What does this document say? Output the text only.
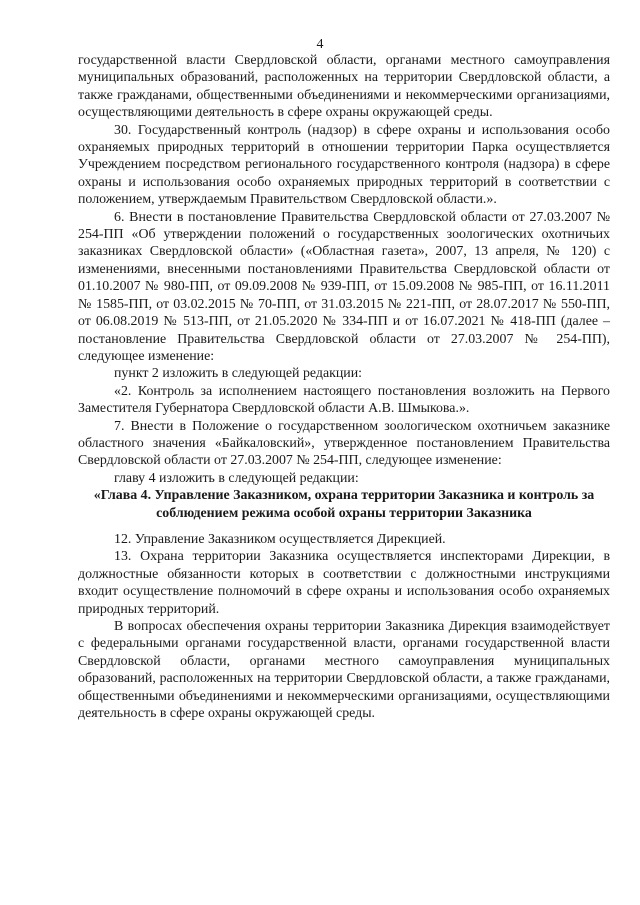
4

государственной власти Свердловской области, органами местного самоуправления муниципальных образований, расположенных на территории Свердловской области, а также гражданами, общественными объединениями и некоммерческими организациями, осуществляющими деятельность в сфере охраны окружающей среды.

30. Государственный контроль (надзор) в сфере охраны и использования особо охраняемых природных территорий в отношении территории Парка осуществляется Учреждением посредством регионального государственного контроля (надзора) в сфере охраны и использования особо охраняемых природных территорий в соответствии с положением, утверждаемым Правительством Свердловской области.».

6. Внести в постановление Правительства Свердловской области от 27.03.2007 № 254-ПП «Об утверждении положений о государственных зоологических охотничьих заказниках Свердловской области» («Областная газета», 2007, 13 апреля, № 120) с изменениями, внесенными постановлениями Правительства Свердловской области от 01.10.2007 № 980-ПП, от 09.09.2008 № 939-ПП, от 15.09.2008 № 985-ПП, от 16.11.2011 № 1585-ПП, от 03.02.2015 № 70-ПП, от 31.03.2015 № 221-ПП, от 28.07.2017 № 550-ПП, от 06.08.2019 № 513-ПП, от 21.05.2020 № 334-ПП и от 16.07.2021 № 418-ПП (далее – постановление Правительства Свердловской области от 27.03.2007 № 254-ПП), следующее изменение:

пункт 2 изложить в следующей редакции:

«2. Контроль за исполнением настоящего постановления возложить на Первого Заместителя Губернатора Свердловской области А.В. Шмыкова.».

7. Внести в Положение о государственном зоологическом охотничьем заказнике областного значения «Байкаловский», утвержденное постановлением Правительства Свердловской области от 27.03.2007 № 254-ПП, следующее изменение:

главу 4 изложить в следующей редакции:

«Глава 4. Управление Заказником, охрана территории Заказника и контроль за соблюдением режима особой охраны территории Заказника

12. Управление Заказником осуществляется Дирекцией.

13. Охрана территории Заказника осуществляется инспекторами Дирекции, в должностные обязанности которых в соответствии с должностными инструкциями входит осуществление полномочий в сфере охраны и использования особо охраняемых природных территорий.

В вопросах обеспечения охраны территории Заказника Дирекция взаимодействует с федеральными органами государственной власти, органами государственной власти Свердловской области, органами местного самоуправления муниципальных образований, расположенных на территории Свердловской области, а также гражданами, общественными объединениями и некоммерческими организациями, осуществляющими деятельность в сфере охраны окружающей среды.
